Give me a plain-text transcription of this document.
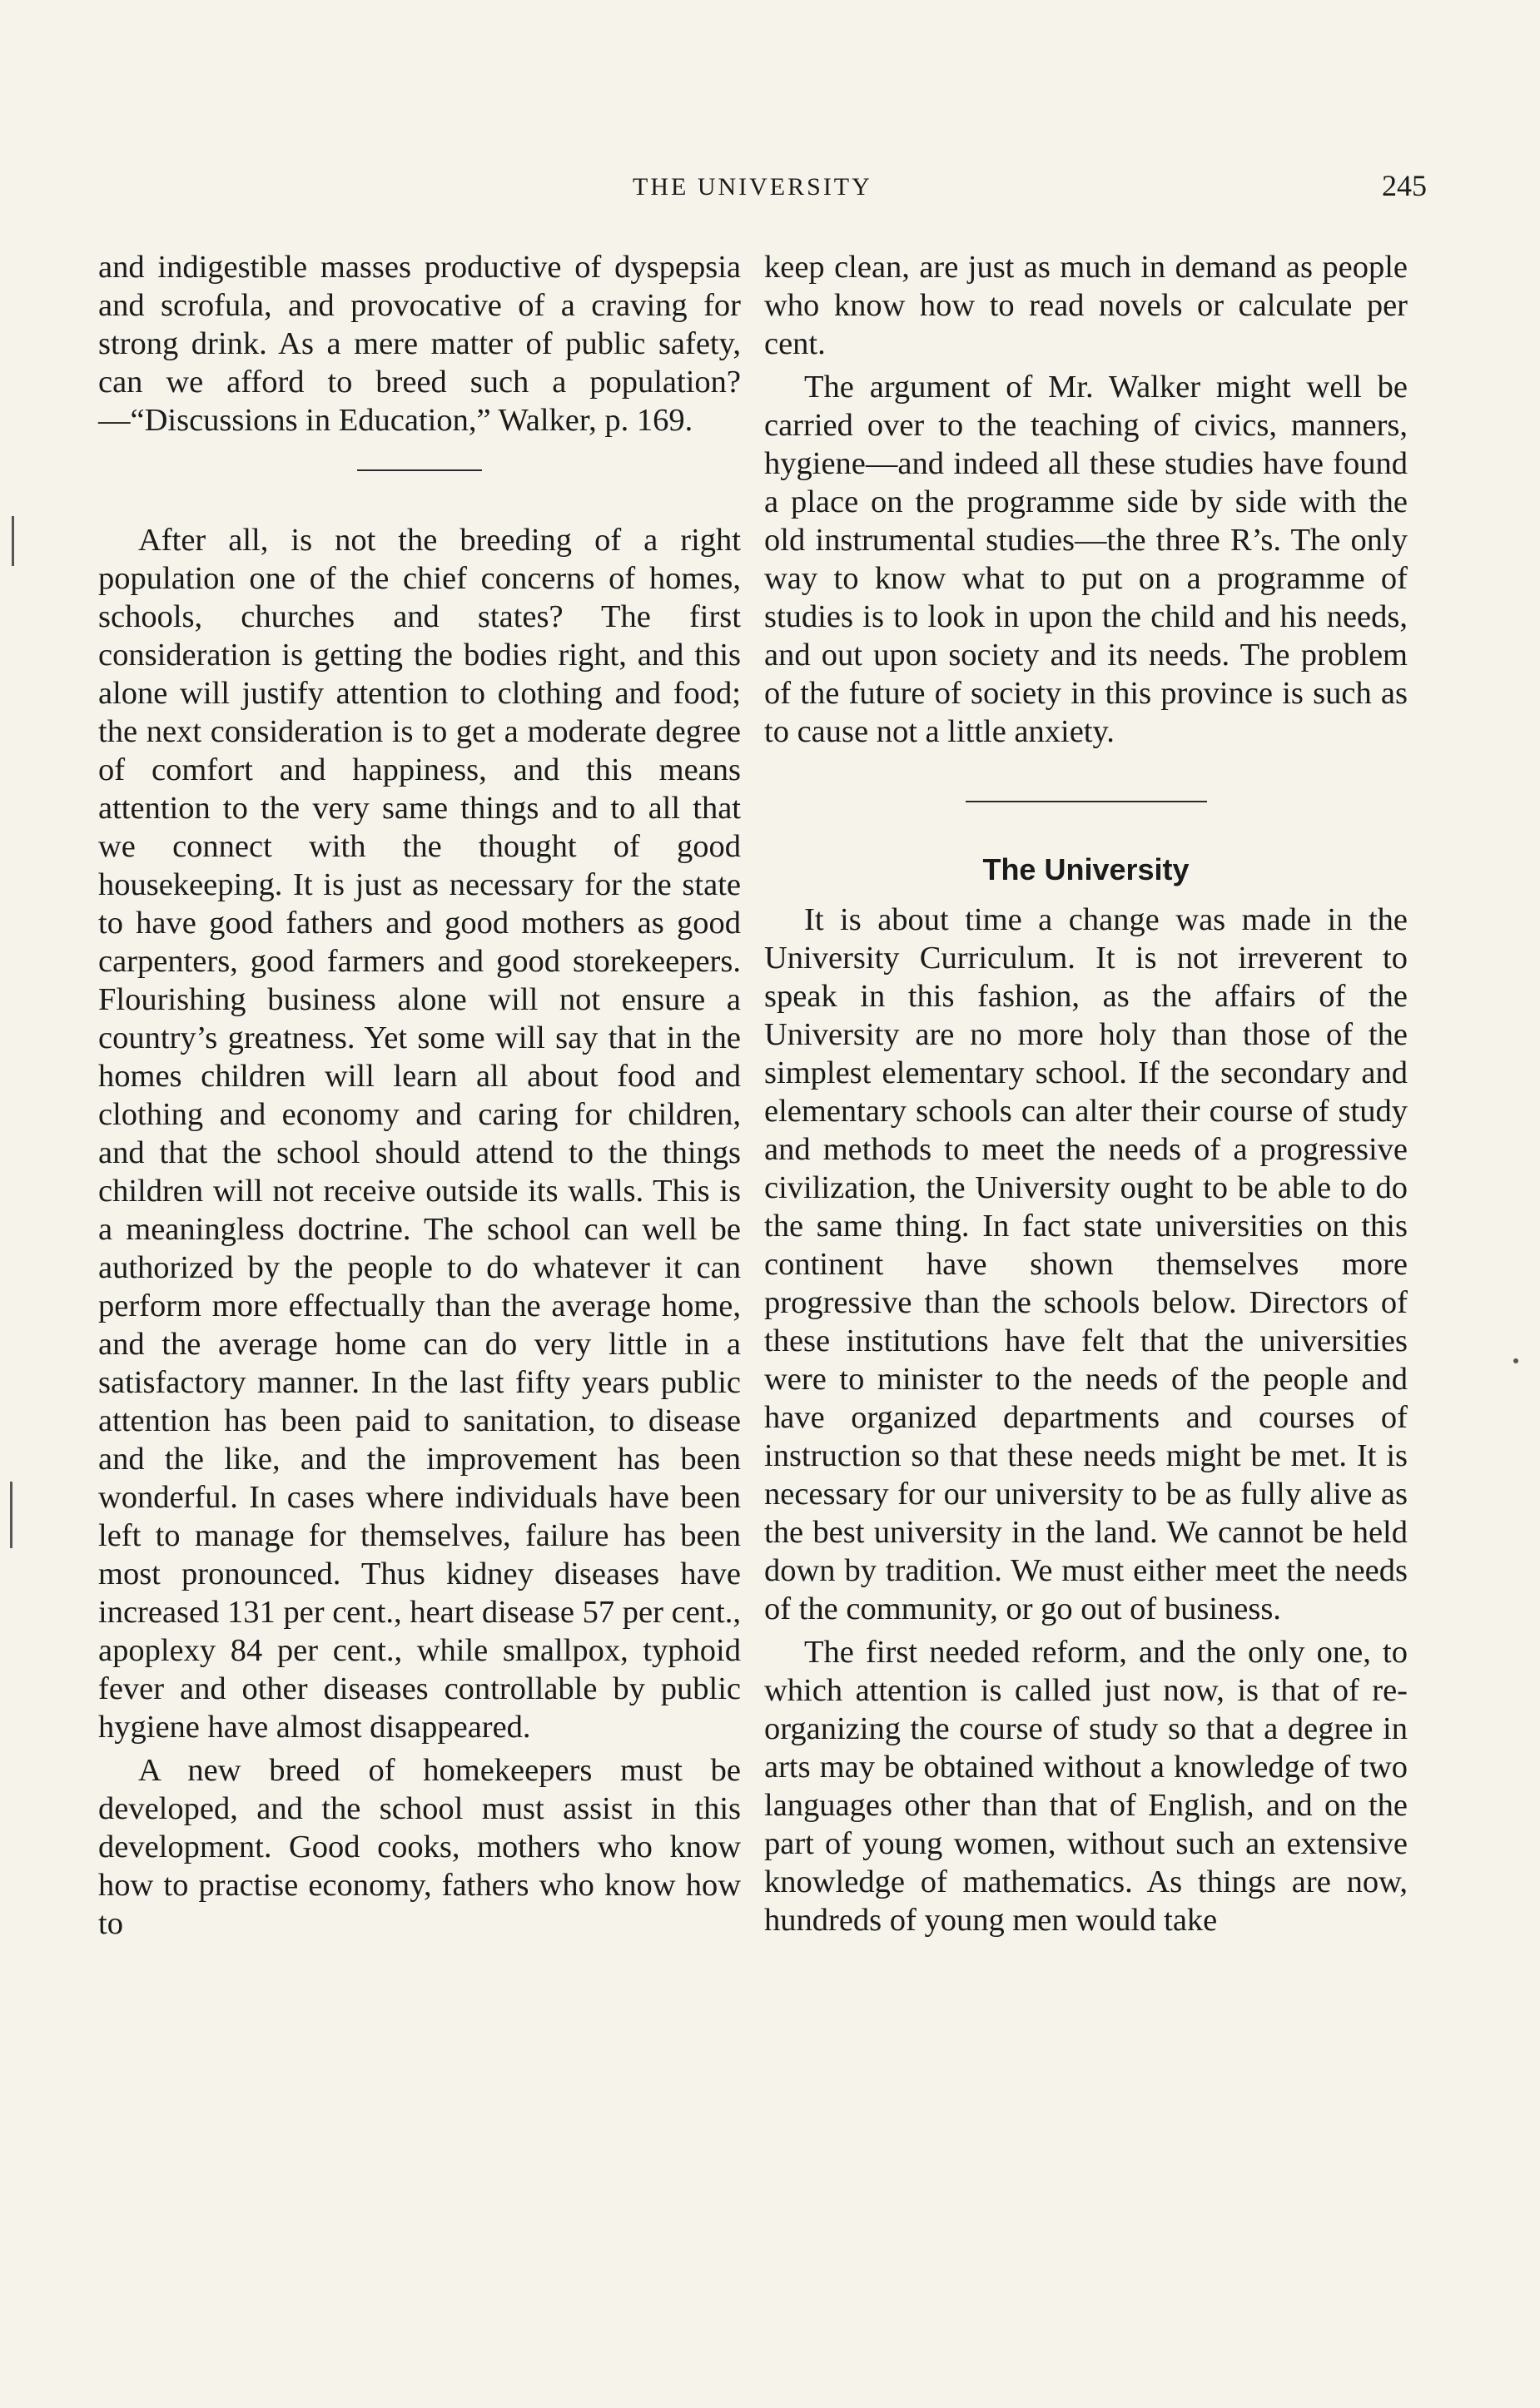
THE UNIVERSITY	245

and indigestible masses productive of dyspepsia and scrofula, and provocative of a craving for strong drink. As a mere matter of public safety, can we afford to breed such a population?—“Discussions in Education,” Walker, p. 169.

After all, is not the breeding of a right population one of the chief concerns of homes, schools, churches and states? The first consideration is getting the bodies right, and this alone will justify attention to clothing and food; the next consideration is to get a moderate degree of comfort and happiness, and this means attention to the very same things and to all that we connect with the thought of good housekeeping. It is just as necessary for the state to have good fathers and good mothers as good carpenters, good farmers and good storekeepers. Flourishing business alone will not ensure a country’s greatness. Yet some will say that in the homes children will learn all about food and clothing and economy and caring for children, and that the school should attend to the things children will not receive outside its walls. This is a meaningless doctrine. The school can well be authorized by the people to do whatever it can perform more effectually than the average home, and the average home can do very little in a satisfactory manner. In the last fifty years public attention has been paid to sanitation, to disease and the like, and the improvement has been wonderful. In cases where individuals have been left to manage for themselves, failure has been most pronounced. Thus kidney diseases have increased 131 per cent., heart disease 57 per cent., apoplexy 84 per cent., while smallpox, typhoid fever and other diseases controllable by public hygiene have almost disappeared.

A new breed of homekeepers must be developed, and the school must assist in this development. Good cooks, mothers who know how to practise economy, fathers who know how to

keep clean, are just as much in demand as people who know how to read novels or calculate per cent.

The argument of Mr. Walker might well be carried over to the teaching of civics, manners, hygiene—and indeed all these studies have found a place on the programme side by side with the old instrumental studies—the three R’s. The only way to know what to put on a programme of studies is to look in upon the child and his needs, and out upon society and its needs. The problem of the future of society in this province is such as to cause not a little anxiety.

The University

It is about time a change was made in the University Curriculum. It is not irreverent to speak in this fashion, as the affairs of the University are no more holy than those of the simplest elementary school. If the secondary and elementary schools can alter their course of study and methods to meet the needs of a progressive civilization, the University ought to be able to do the same thing. In fact state universities on this continent have shown themselves more progressive than the schools below. Directors of these institutions have felt that the universities were to minister to the needs of the people and have organized departments and courses of instruction so that these needs might be met. It is necessary for our university to be as fully alive as the best university in the land. We cannot be held down by tradition. We must either meet the needs of the community, or go out of business.

The first needed reform, and the only one, to which attention is called just now, is that of re-organizing the course of study so that a degree in arts may be obtained without a knowledge of two languages other than that of English, and on the part of young women, without such an extensive knowledge of mathematics. As things are now, hundreds of young men would take
